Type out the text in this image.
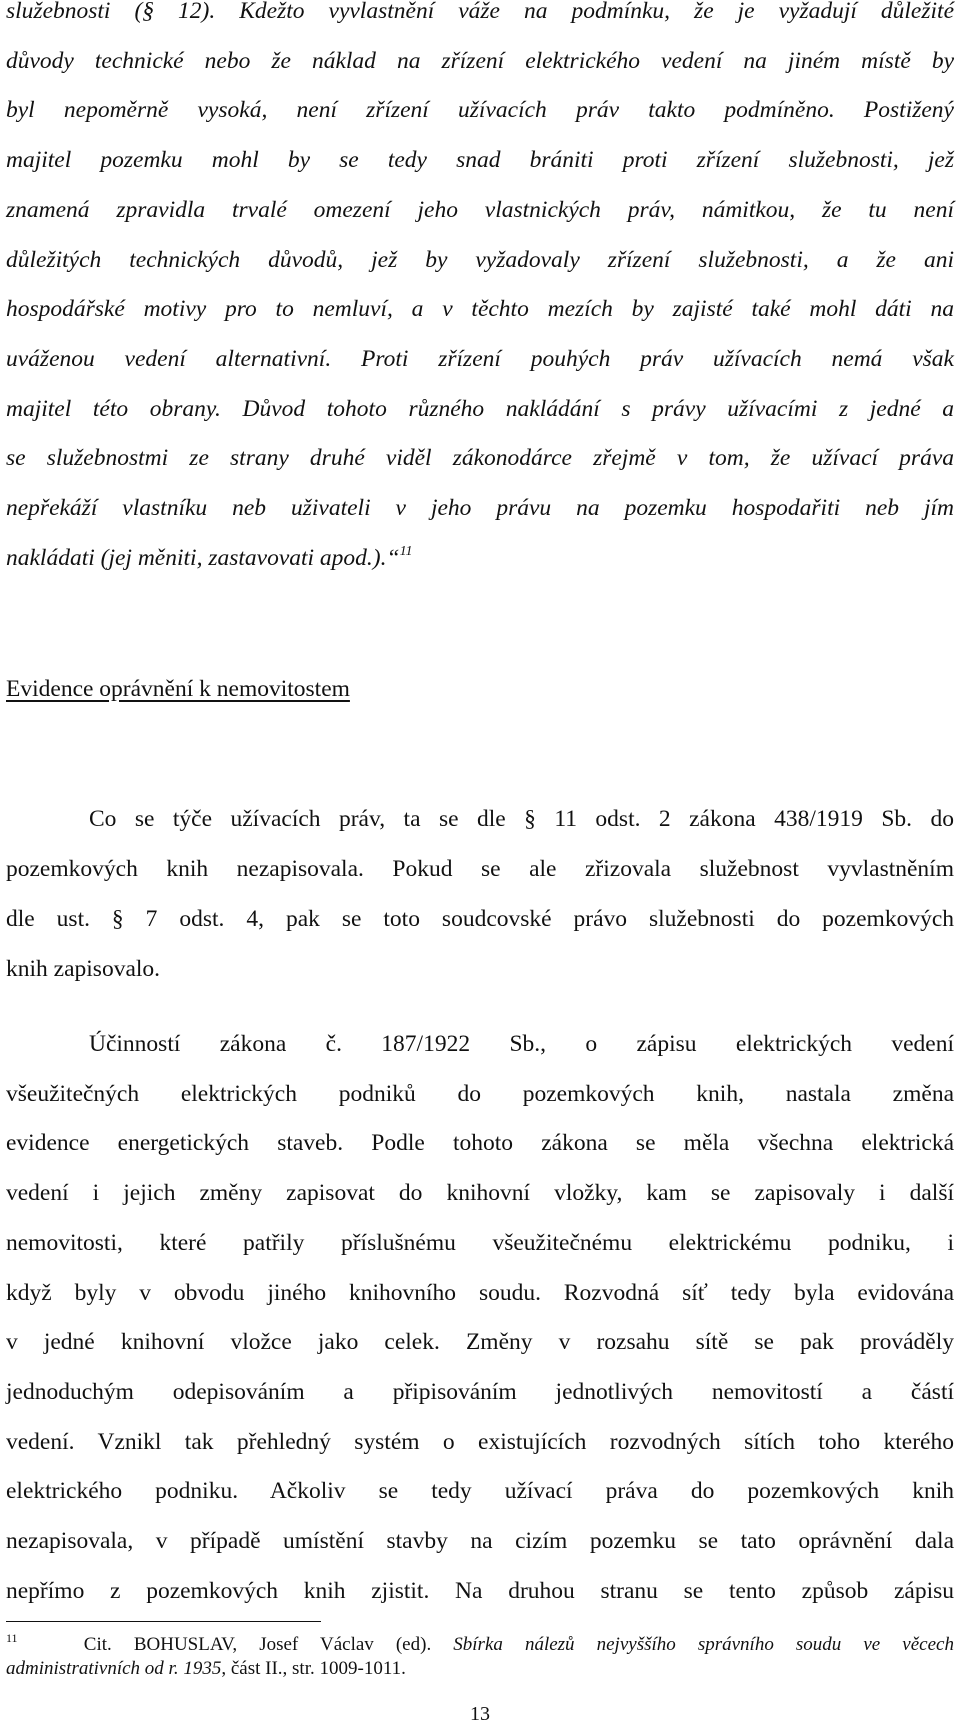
služebnosti (§ 12). Kdežto vyvlastnění váže na podmínku, že je vyžadují důležité
důvody technické nebo že náklad na zřízení elektrického vedení na jiném místě by
byl nepoměrně vysoká, není zřízení užívacích práv takto podmíněno. Postižený
majitel pozemku mohl by se tedy snad brániti proti zřízení služebnosti, jež
znamená zpravidla trvalé omezení jeho vlastnických práv, námitkou, že tu není
důležitých technických důvodů, jež by vyžadovaly zřízení služebnosti, a že ani
hospodářské motivy pro to nemluví, a v těchto mezích by zajisté také mohl dáti na
uváženou vedení alternativní. Proti zřízení pouhých práv užívacích nemá však
majitel této obrany. Důvod tohoto různého nakládání s právy užívacími z jedné a
se služebnostmi ze strany druhé viděl zákonodárce zřejmě v tom, že užívací práva
nepřekáží vlastníku neb uživateli v jeho právu na pozemku hospodařiti neb jím
nakládati (jej měniti, zastavovati apod.).“$^{11}$
Evidence oprávnění k nemovitostem
Co se týče užívacích práv, ta se dle § 11 odst. 2 zákona 438/1919 Sb. do
pozemkových knih nezapisovala. Pokud se ale zřizovala služebnost vyvlastněním
dle ust. § 7 odst. 4, pak se toto soudcovské právo služebnosti do pozemkových
knih zapisovalo.
Účinností zákona č. 187/1922 Sb., o zápisu elektrických vedení
všeužitečných elektrických podniků do pozemkových knih, nastala změna
evidence energetických staveb. Podle tohoto zákona se měla všechna elektrická
vedení i jejich změny zapisovat do knihovní vložky, kam se zapisovaly i další
nemovitosti, které patřily příslušnému všeužitečnému elektrickému podniku, i
když byly v obvodu jiného knihovního soudu. Rozvodná síť tedy byla evidována
v jedné knihovní vložce jako celek. Změny v rozsahu sítě se pak prováděly
jednoduchým odepisováním a připisováním jednotlivých nemovitostí a částí
vedení. Vznikl tak přehledný systém o existujících rozvodných sítích toho kterého
elektrického podniku. Ačkoliv se tedy užívací práva do pozemkových knih
nezapisovala, v případě umístění stavby na cizím pozemku se tato oprávnění dala
nepřímo z pozemkových knih zjistit. Na druhou stranu se tento způsob zápisu
$^{11}$	Cit. BOHUSLAV, Josef Václav (ed). Sbírka nálezů nejvyššího správního soudu ve věcech
administrativních od r. 1935, část II., str. 1009-1011.
13
